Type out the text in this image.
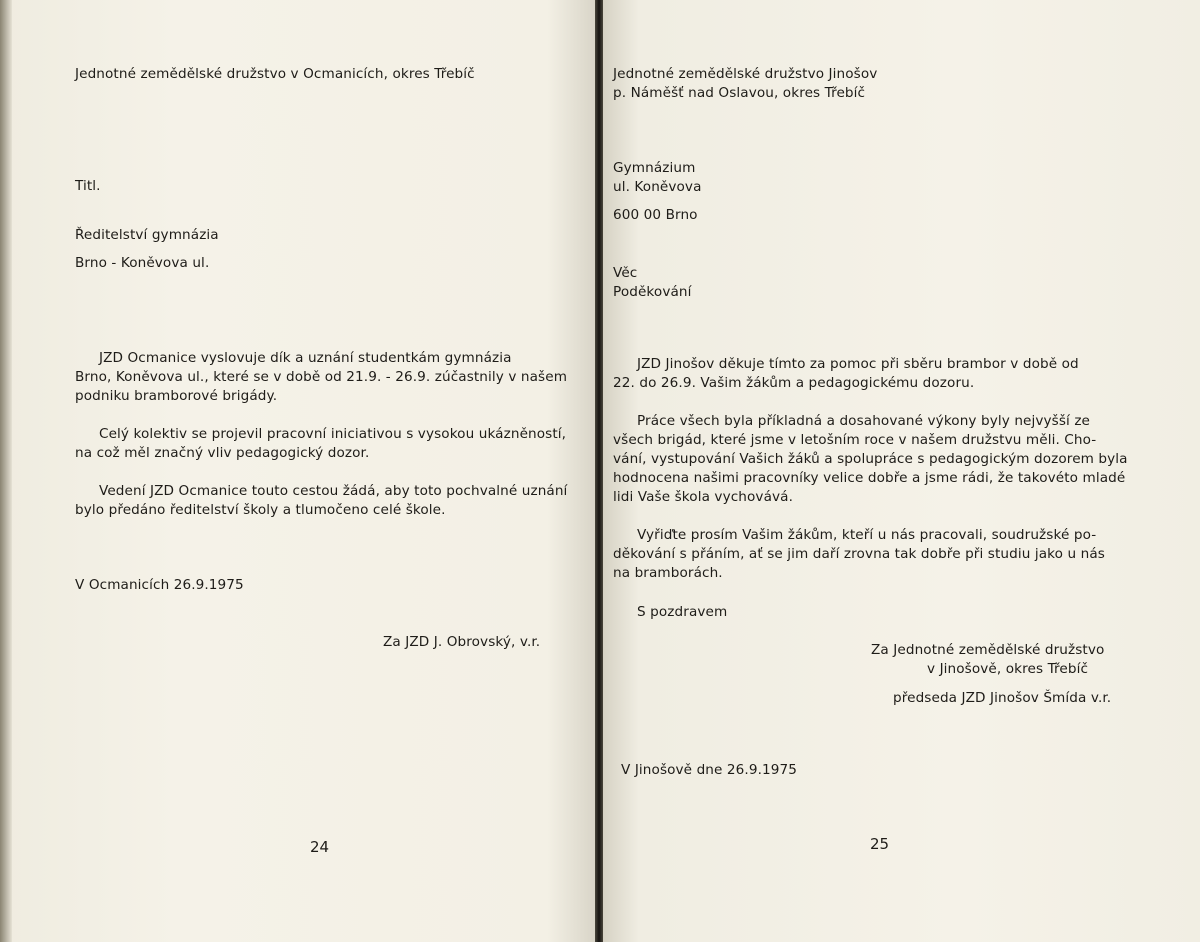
Jednotné zemědělské družstvo v Ocmanicích, okres Třebíč
Titl.
Ředitelství gymnázia
Brno - Koněvova ul.
JZD Ocmanice vyslovuje dík a uznání studentkám gymnázia
Brno, Koněvova ul., které se v době od 21.9. - 26.9. zúčastnily v našem
podniku bramborové brigády.
Celý kolektiv se projevil pracovní iniciativou s vysokou ukázněností,
na což měl značný vliv pedagogický dozor.
Vedení JZD Ocmanice touto cestou žádá, aby toto pochvalné uznání
bylo předáno ředitelství školy a tlumočeno celé škole.
V Ocmanicích 26.9.1975
Za JZD J. Obrovský, v.r.
24
Jednotné zemědělské družstvo Jinošov
p. Náměšť nad Oslavou, okres Třebíč
Gymnázium
ul. Koněvova
600 00 Brno
Věc
Poděkování
JZD Jinošov děkuje tímto za pomoc při sběru brambor v době od
22. do 26.9. Vašim žákům a pedagogickému dozoru.
Práce všech byla příkladná a dosahované výkony byly nejvyšší ze
všech brigád, které jsme v letošním roce v našem družstvu měli. Cho-
vání, vystupování Vašich žáků a spolupráce s pedagogickým dozorem byla
hodnocena našimi pracovníky velice dobře a jsme rádi, že takovéto mladé
lidi Vaše škola vychovává.
Vyřiďte prosím Vašim žákům, kteří u nás pracovali, soudružské po-
děkování s přáním, ať se jim daří zrovna tak dobře při studiu jako u nás
na bramborách.
S pozdravem
Za Jednotné zemědělské družstvo
v Jinošově, okres Třebíč
předseda JZD Jinošov Šmída v.r.
V Jinošově dne 26.9.1975
25
